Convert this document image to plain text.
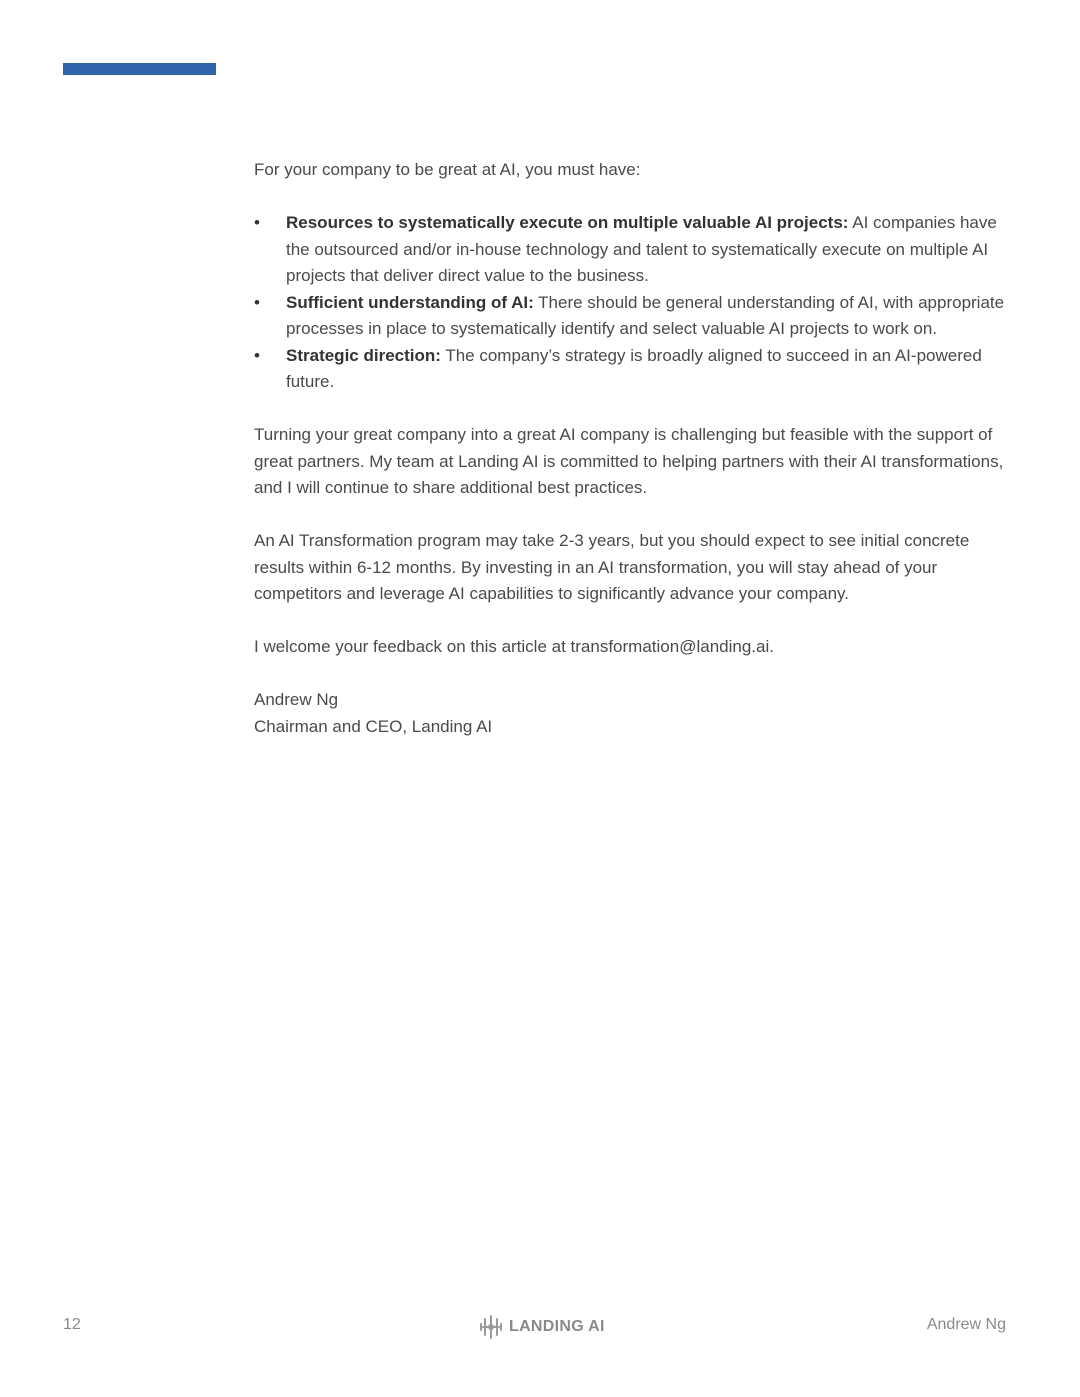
For your company to be great at AI, you must have:

•	Resources to systematically execute on multiple valuable AI projects: AI companies have the outsourced and/or in-house technology and talent to systematically execute on multiple AI projects that deliver direct value to the business.
•	Sufficient understanding of AI: There should be general understanding of AI, with appropriate processes in place to systematically identify and select valuable AI projects to work on.
•	Strategic direction: The company’s strategy is broadly aligned to succeed in an AI-powered future.

Turning your great company into a great AI company is challenging but feasible with the support of great partners. My team at Landing AI is committed to helping partners with their AI transformations, and I will continue to share additional best practices.

An AI Transformation program may take 2-3 years, but you should expect to see initial concrete results within 6-12 months. By investing in an AI transformation, you will stay ahead of your competitors and leverage AI capabilities to significantly advance your company.

I welcome your feedback on this article at transformation@landing.ai.

Andrew Ng

Chairman and CEO, Landing AI

12	LANDING AI	Andrew Ng
